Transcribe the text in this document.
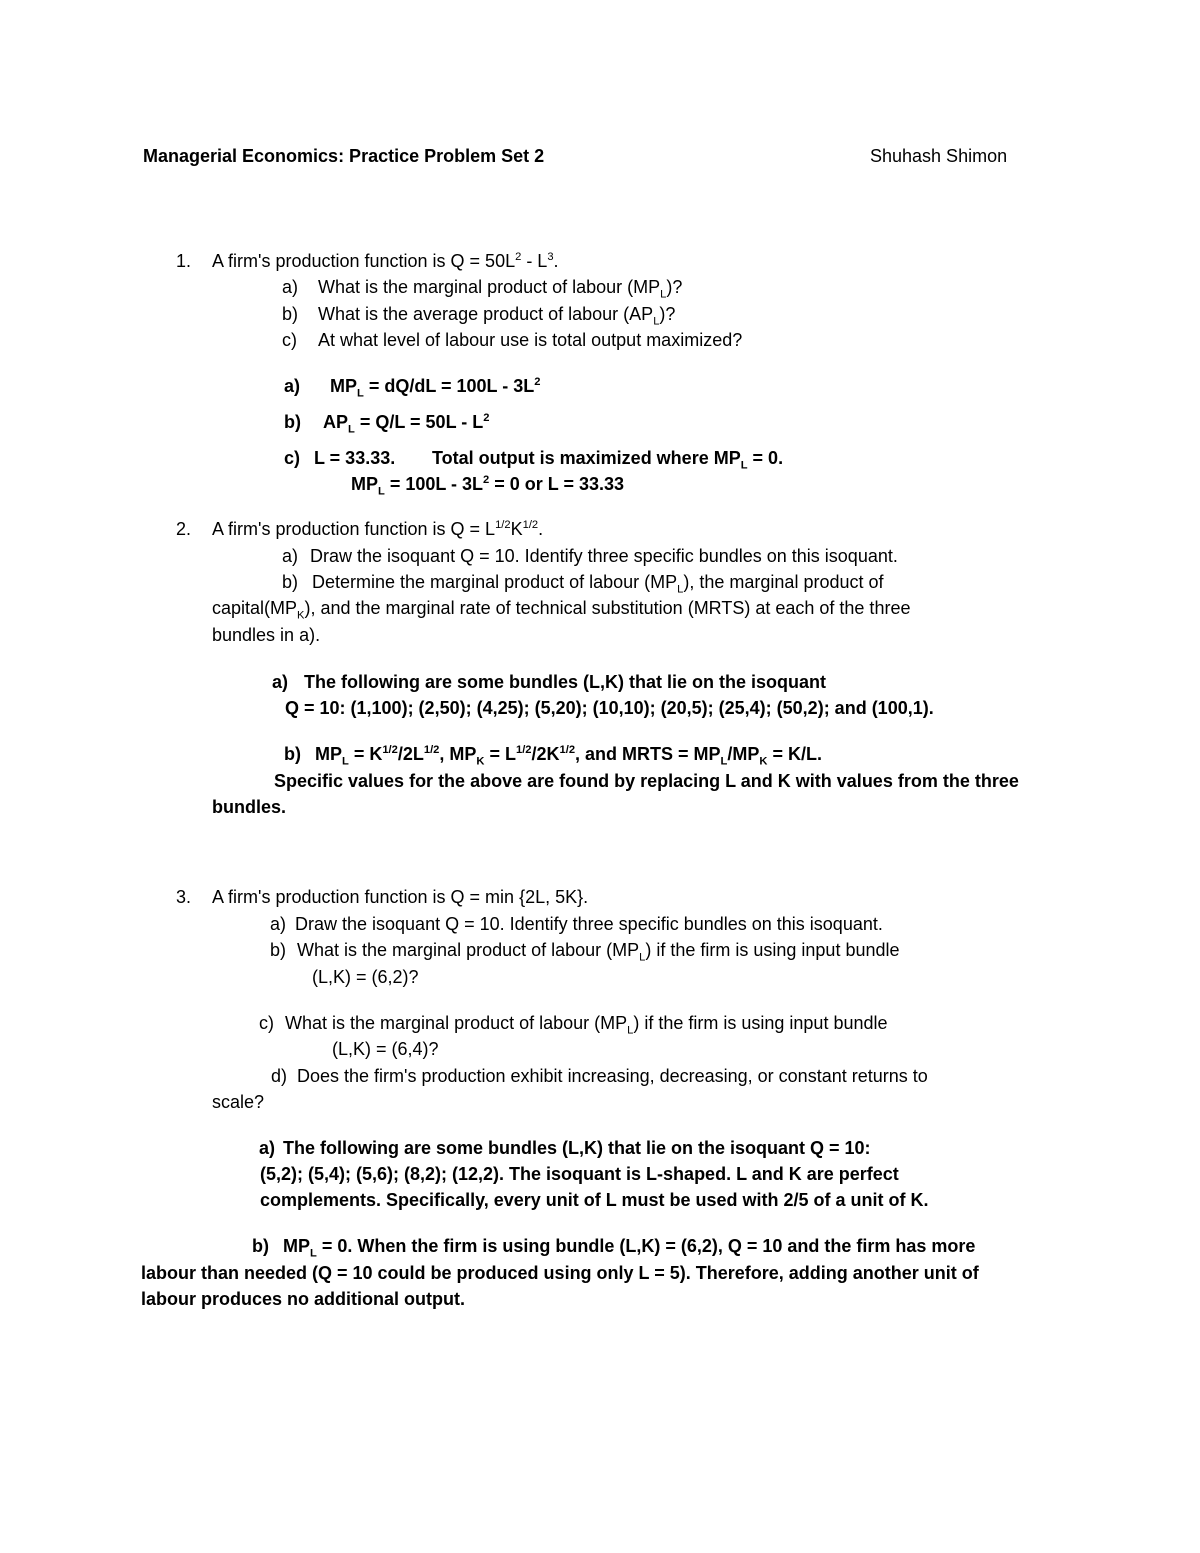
Managerial Economics: Practice Problem Set 2	Shuhash Shimon
1. A firm's production function is $Q = 50L^2 - L^3$.
a) What is the marginal product of labour $(MP_L)$?
b) What is the average product of labour $(AP_L)$?
c) At what level of labour use is total output maximized?
a) $MP_L = dQ/dL = 100L - 3L^2$
b) $AP_L = Q/L = 50L - L^2$
c) L = 33.33. Total output is maximized where $MP_L = 0$.
$MP_L = 100L - 3L^2 = 0$ or L = 33.33
2. A firm's production function is $Q = L^{1/2}K^{1/2}$.
a) Draw the isoquant Q = 10. Identify three specific bundles on this isoquant.
b) Determine the marginal product of labour $(MP_L)$, the marginal product of
$capital(MP_K)$, and the marginal rate of technical substitution (MRTS) at each of the three
bundles in a).
a) The following are some bundles (L,K) that lie on the isoquant
Q = 10: (1,100); (2,50); (4,25); (5,20); (10,10); (20,5); (25,4); (50,2); and (100,1).
b) $MP_L = K^{1/2}/2L^{1/2}$, $MP_K = L^{1/2}/2K^{1/2}$, and MRTS = $MP_L/MP_K = K/L$.
Specific values for the above are found by replacing L and K with values from the three
bundles.
3. A firm's production function is Q = min {2L, 5K}.
a) Draw the isoquant Q = 10. Identify three specific bundles on this isoquant.
b) What is the marginal product of labour $(MP_L)$ if the firm is using input bundle
(L,K) = (6,2)?
c) What is the marginal product of labour $(MP_L)$ if the firm is using input bundle
(L,K) = (6,4)?
d) Does the firm's production exhibit increasing, decreasing, or constant returns to
scale?
a) The following are some bundles (L,K) that lie on the isoquant Q = 10:
(5,2); (5,4); (5,6); (8,2); (12,2). The isoquant is L-shaped. L and K are perfect
complements. Specifically, every unit of L must be used with 2/5 of a unit of K.
b) $MP_L = 0$. When the firm is using bundle (L,K) = (6,2), Q = 10 and the firm has more
labour than needed (Q = 10 could be produced using only L = 5). Therefore, adding another unit of
labour produces no additional output.
